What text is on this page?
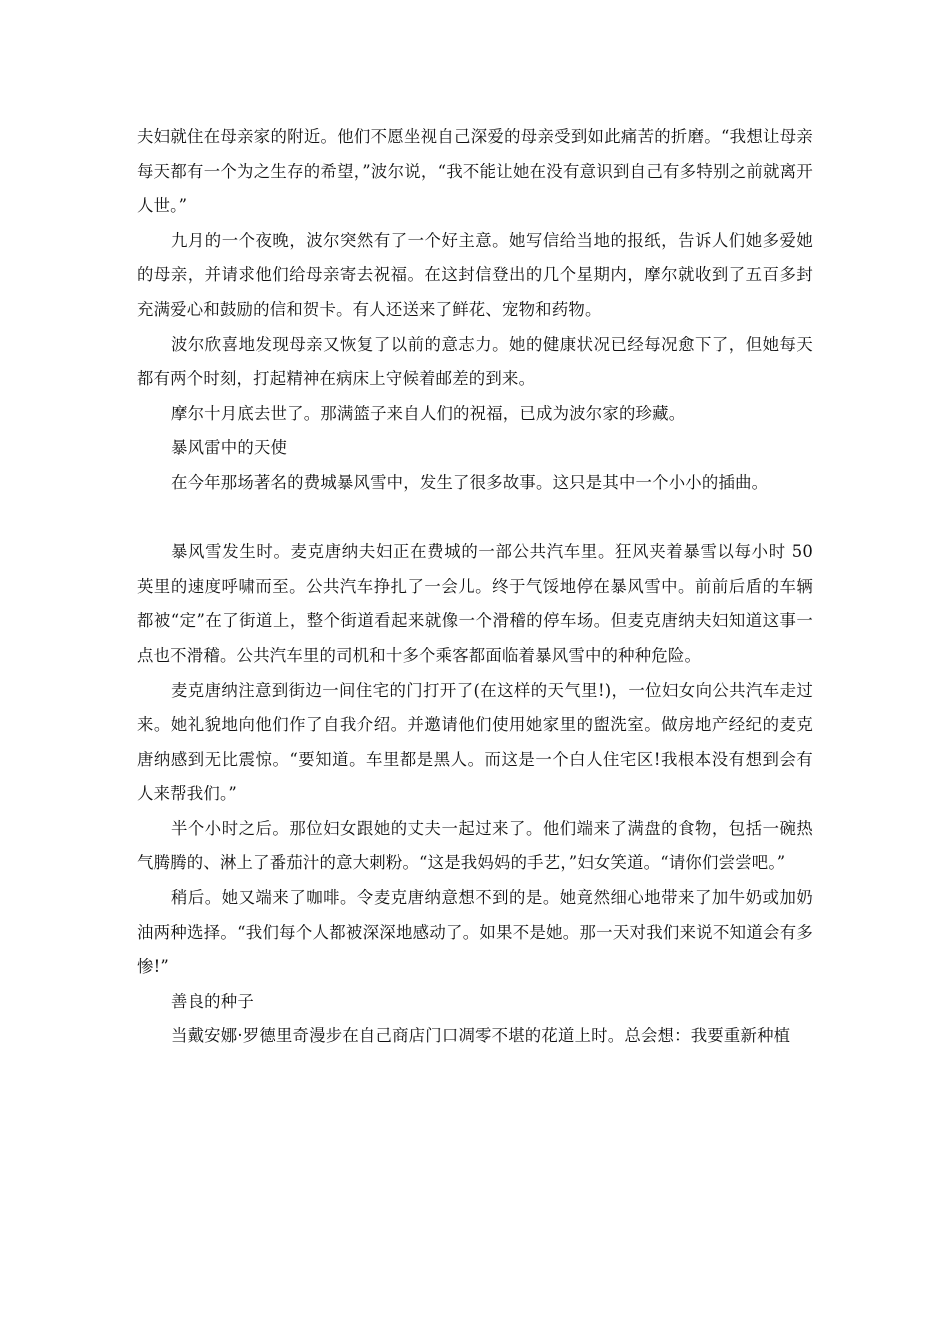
夫妇就住在母亲家的附近。他们不愿坐视自己深爱的母亲受到如此痛苦的折磨。“我想让母亲每天都有一个为之生存的希望，”波尔说，“我不能让她在没有意识到自己有多特别之前就离开人世。”

九月的一个夜晚，波尔突然有了一个好主意。她写信给当地的报纸，告诉人们她多爱她的母亲，并请求他们给母亲寄去祝福。在这封信登出的几个星期内，摩尔就收到了五百多封充满爱心和鼓励的信和贺卡。有人还送来了鲜花、宠物和药物。

波尔欣喜地发现母亲又恢复了以前的意志力。她的健康状况已经每况愈下了，但她每天都有两个时刻，打起精神在病床上守候着邮差的到来。

摩尔十月底去世了。那满篮子来自人们的祝福，已成为波尔家的珍藏。

暴风雷中的天使

在今年那场著名的费城暴风雪中，发生了很多故事。这只是其中一个小小的插曲。

暴风雪发生时。麦克唐纳夫妇正在费城的一部公共汽车里。狂风夹着暴雪以每小时 50 英里的速度呼啸而至。公共汽车挣扎了一会儿。终于气馁地停在暴风雪中。前前后盾的车辆都被“定”在了街道上，整个街道看起来就像一个滑稽的停车场。但麦克唐纳夫妇知道这事一点也不滑稽。公共汽车里的司机和十多个乘客都面临着暴风雪中的种种危险。

麦克唐纳注意到街边一间住宅的门打开了(在这样的天气里!)，一位妇女向公共汽车走过来。她礼貌地向他们作了自我介绍。并邀请他们使用她家里的盥洗室。做房地产经纪的麦克唐纳感到无比震惊。“要知道。车里都是黑人。而这是一个白人住宅区!我根本没有想到会有人来帮我们。”

半个小时之后。那位妇女跟她的丈夫一起过来了。他们端来了满盘的食物，包括一碗热气腾腾的、淋上了番茄汁的意大刺粉。“这是我妈妈的手艺，”妇女笑道。“请你们尝尝吧。”

稍后。她又端来了咖啡。令麦克唐纳意想不到的是。她竟然细心地带来了加牛奶或加奶油两种选择。“我们每个人都被深深地感动了。如果不是她。那一天对我们来说不知道会有多惨!”

善良的种子

当戴安娜·罗德里奇漫步在自己商店门口凋零不堪的花道上时。总会想：我要重新种植
